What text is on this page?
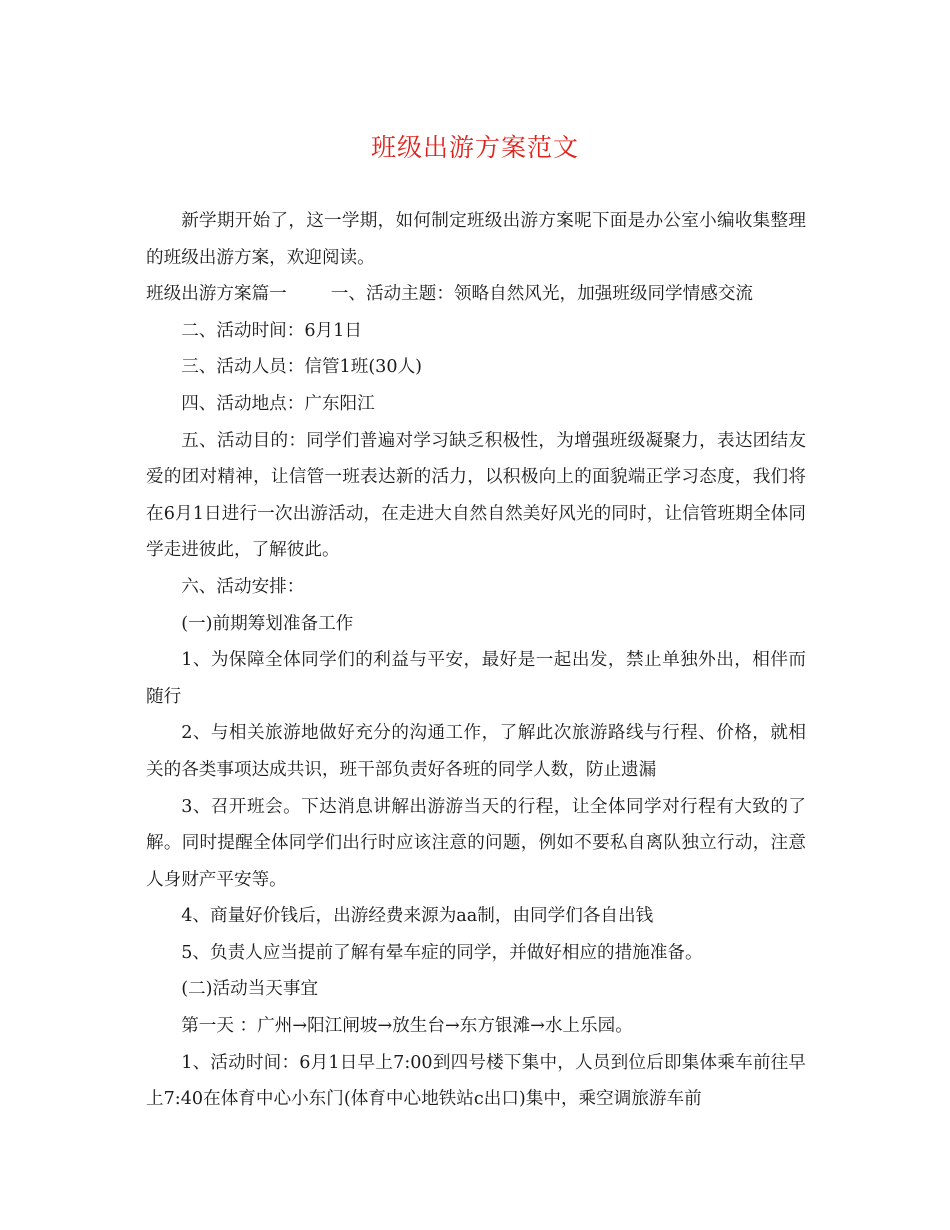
班级出游方案范文

新学期开始了，这一学期，如何制定班级出游方案呢下面是办公室小编收集整理的班级出游方案，欢迎阅读。

班级出游方案篇一	一、活动主题：领略自然风光，加强班级同学情感交流

二、活动时间：6月1日

三、活动人员：信管1班(30人)

四、活动地点：广东阳江

五、活动目的：同学们普遍对学习缺乏积极性，为增强班级凝聚力，表达团结友爱的团对精神，让信管一班表达新的活力，以积极向上的面貌端正学习态度，我们将在6月1日进行一次出游活动，在走进大自然自然美好风光的同时，让信管班期全体同学走进彼此，了解彼此。

六、活动安排：

(一)前期筹划准备工作

1、为保障全体同学们的利益与平安，最好是一起出发，禁止单独外出，相伴而随行

2、与相关旅游地做好充分的沟通工作，了解此次旅游路线与行程、价格，就相关的各类事项达成共识，班干部负责好各班的同学人数，防止遗漏

3、召开班会。下达消息讲解出游游当天的行程，让全体同学对行程有大致的了解。同时提醒全体同学们出行时应该注意的问题，例如不要私自离队独立行动，注意人身财产平安等。

4、商量好价钱后，出游经费来源为aa制，由同学们各自出钱

5、负责人应当提前了解有晕车症的同学，并做好相应的措施准备。

(二)活动当天事宜

第一天 ：广州→阳江闸坡→放生台→东方银滩→水上乐园。

1、活动时间：6月1日早上7:00到四号楼下集中，人员到位后即集体乘车前往早上7:40在体育中心小东门(体育中心地铁站c出口)集中，乘空调旅游车前
